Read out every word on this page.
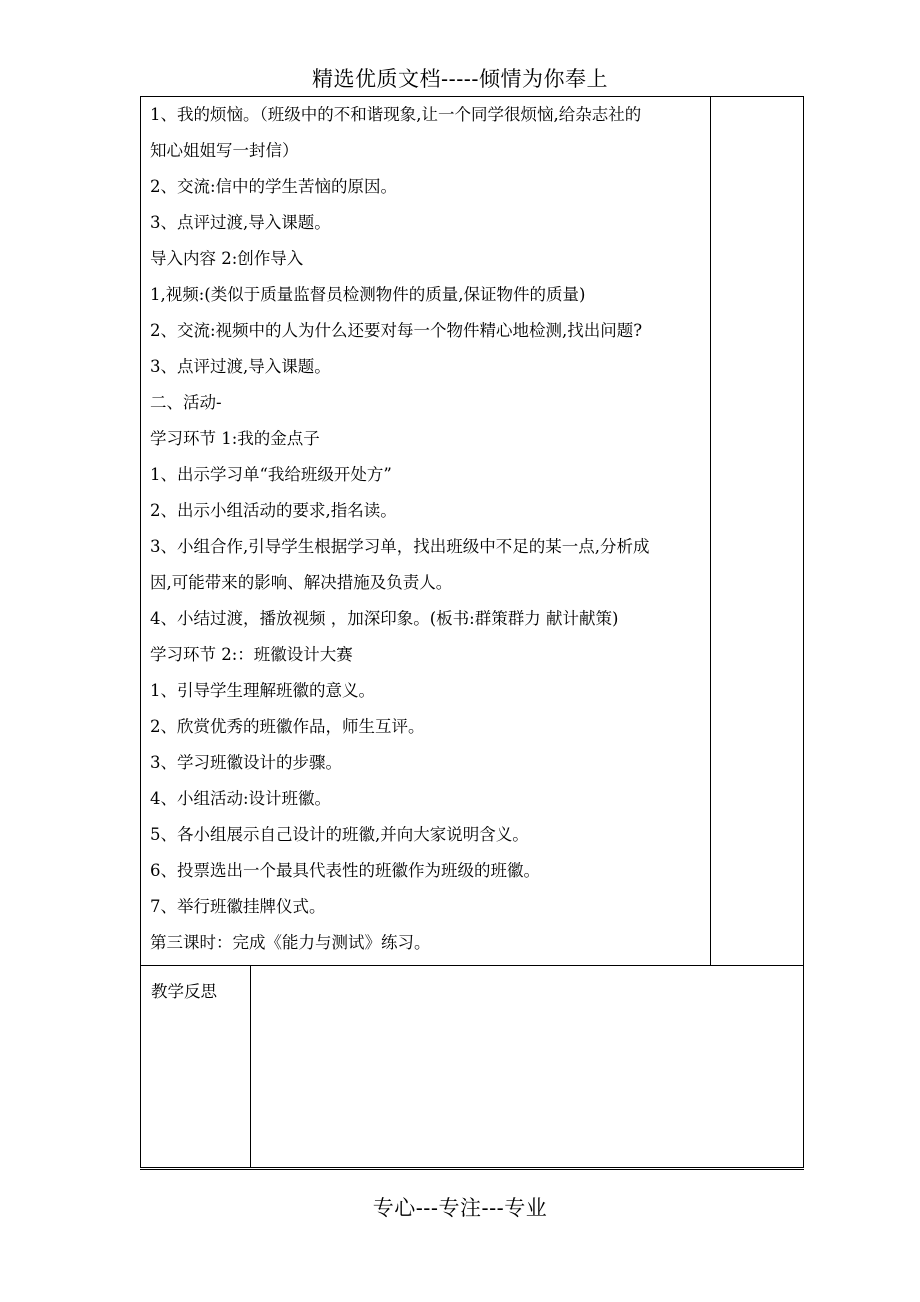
精选优质文档-----倾情为你奉上
1、我的烦恼。（班级中的不和谐现象,让一个同学很烦恼,给杂志社的
知心姐姐写一封信）
2、交流:信中的学生苦恼的原因。
3、点评过渡,导入课题。
导入内容 2:创作导入
1,视频:(类似于质量监督员检测物件的质量,保证物件的质量)
2、交流:视频中的人为什么还要对每一个物件精心地检测,找出问题?
3、点评过渡,导入课题。
二、活动-
学习环节 1:我的金点子
1、出示学习单“我给班级开处方”
2、出示小组活动的要求,指名读。
3、小组合作,引导学生根据学习单，找出班级中不足的某一点,分析成
因,可能带来的影响、解决措施及负责人。
4、小结过渡，播放视频 ，加深印象。(板书:群策群力 献计献策)
学习环节 2:：班徽设计大赛
1、引导学生理解班徽的意义。
2、欣赏优秀的班徽作品，师生互评。
3、学习班徽设计的步骤。
4、小组活动:设计班徽。
5、各小组展示自己设计的班徽,并向大家说明含义。
6、投票选出一个最具代表性的班徽作为班级的班徽。
7、举行班徽挂牌仪式。
第三课时：完成《能力与测试》练习。
教学反思
专心---专注---专业
